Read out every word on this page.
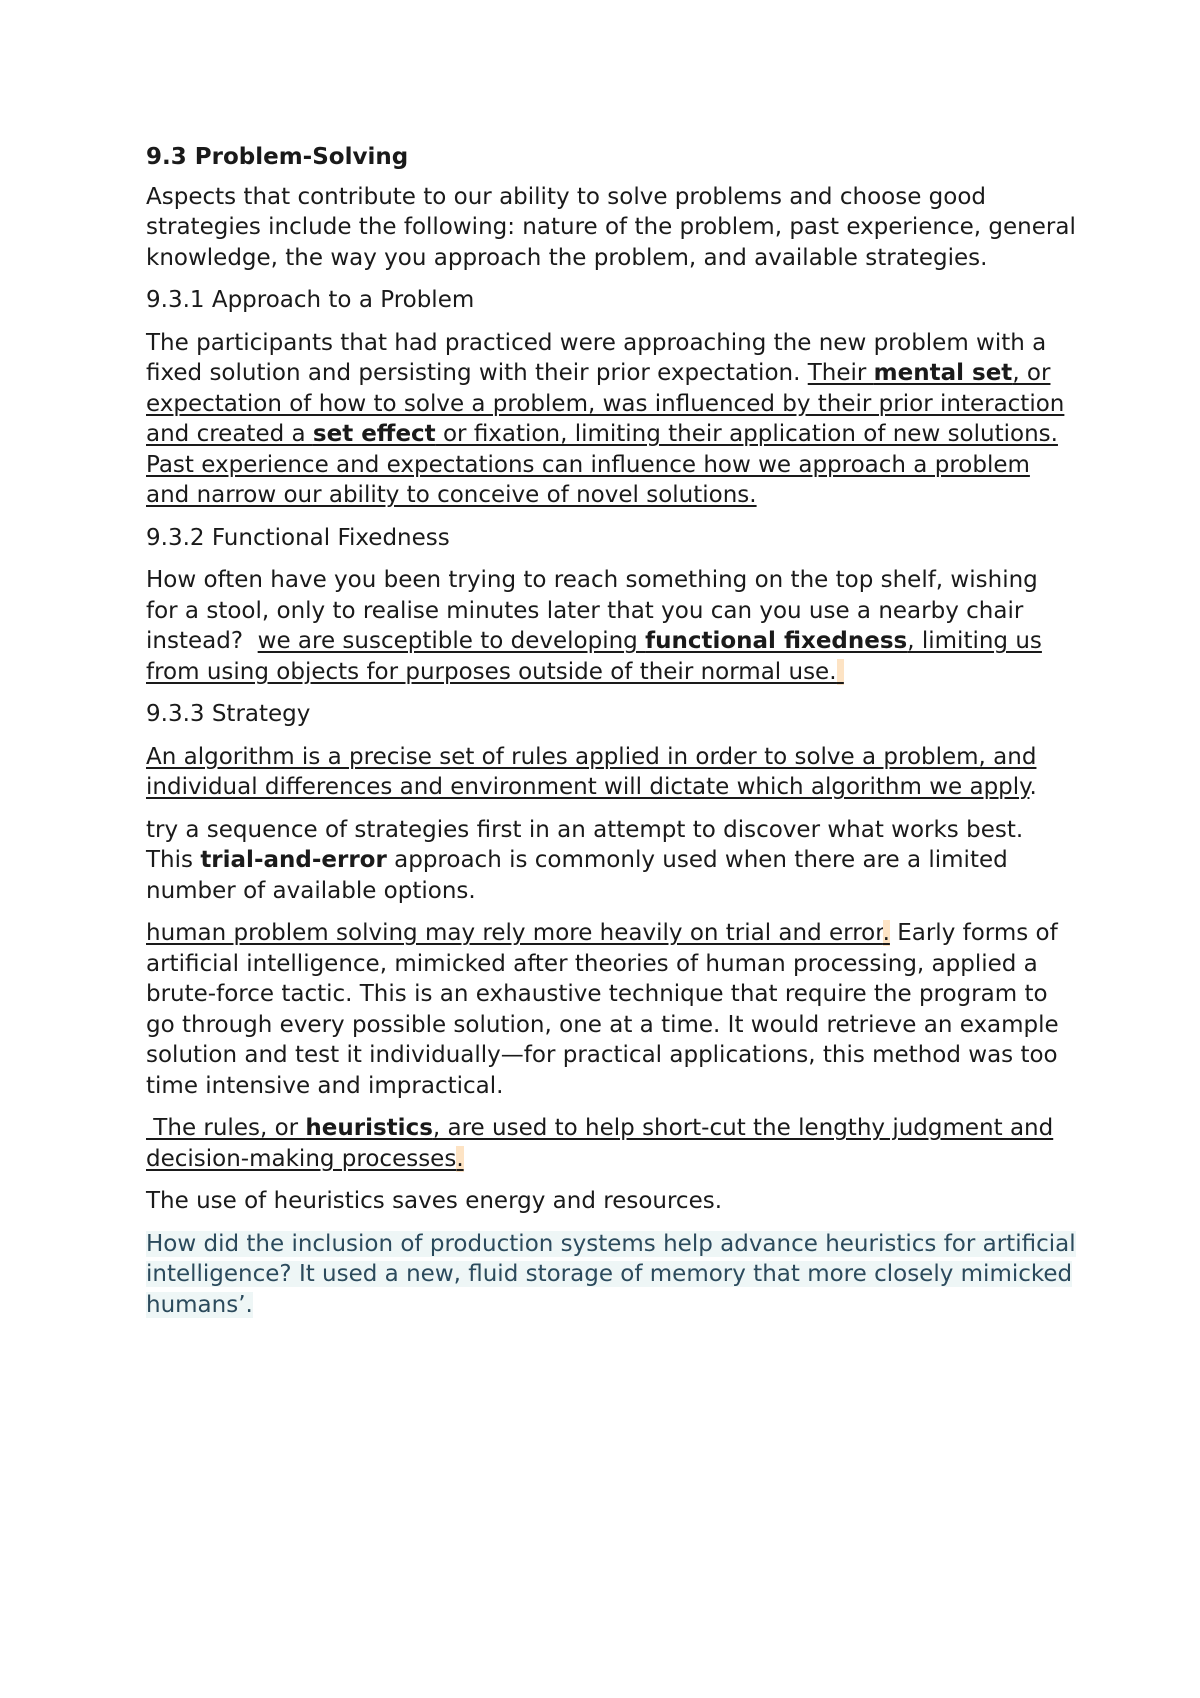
9.3 Problem-Solving

Aspects that contribute to our ability to solve problems and choose good strategies include the following: nature of the problem, past experience, general knowledge, the way you approach the problem, and available strategies.

9.3.1 Approach to a Problem

The participants that had practiced were approaching the new problem with a fixed solution and persisting with their prior expectation. Their mental set, or expectation of how to solve a problem, was influenced by their prior interaction and created a set effect or fixation, limiting their application of new solutions. Past experience and expectations can influence how we approach a problem and narrow our ability to conceive of novel solutions.

9.3.2 Functional Fixedness

How often have you been trying to reach something on the top shelf, wishing for a stool, only to realise minutes later that you can you use a nearby chair instead?  we are susceptible to developing functional fixedness, limiting us from using objects for purposes outside of their normal use.

9.3.3 Strategy

An algorithm is a precise set of rules applied in order to solve a problem, and individual differences and environment will dictate which algorithm we apply.

try a sequence of strategies first in an attempt to discover what works best. This trial-and-error approach is commonly used when there are a limited number of available options.

human problem solving may rely more heavily on trial and error. Early forms of artificial intelligence, mimicked after theories of human processing, applied a brute-force tactic. This is an exhaustive technique that require the program to go through every possible solution, one at a time. It would retrieve an example solution and test it individually—for practical applications, this method was too time intensive and impractical.

The rules, or heuristics, are used to help short-cut the lengthy judgment and decision-making processes.

The use of heuristics saves energy and resources.

How did the inclusion of production systems help advance heuristics for artificial intelligence? It used a new, fluid storage of memory that more closely mimicked humans’.
